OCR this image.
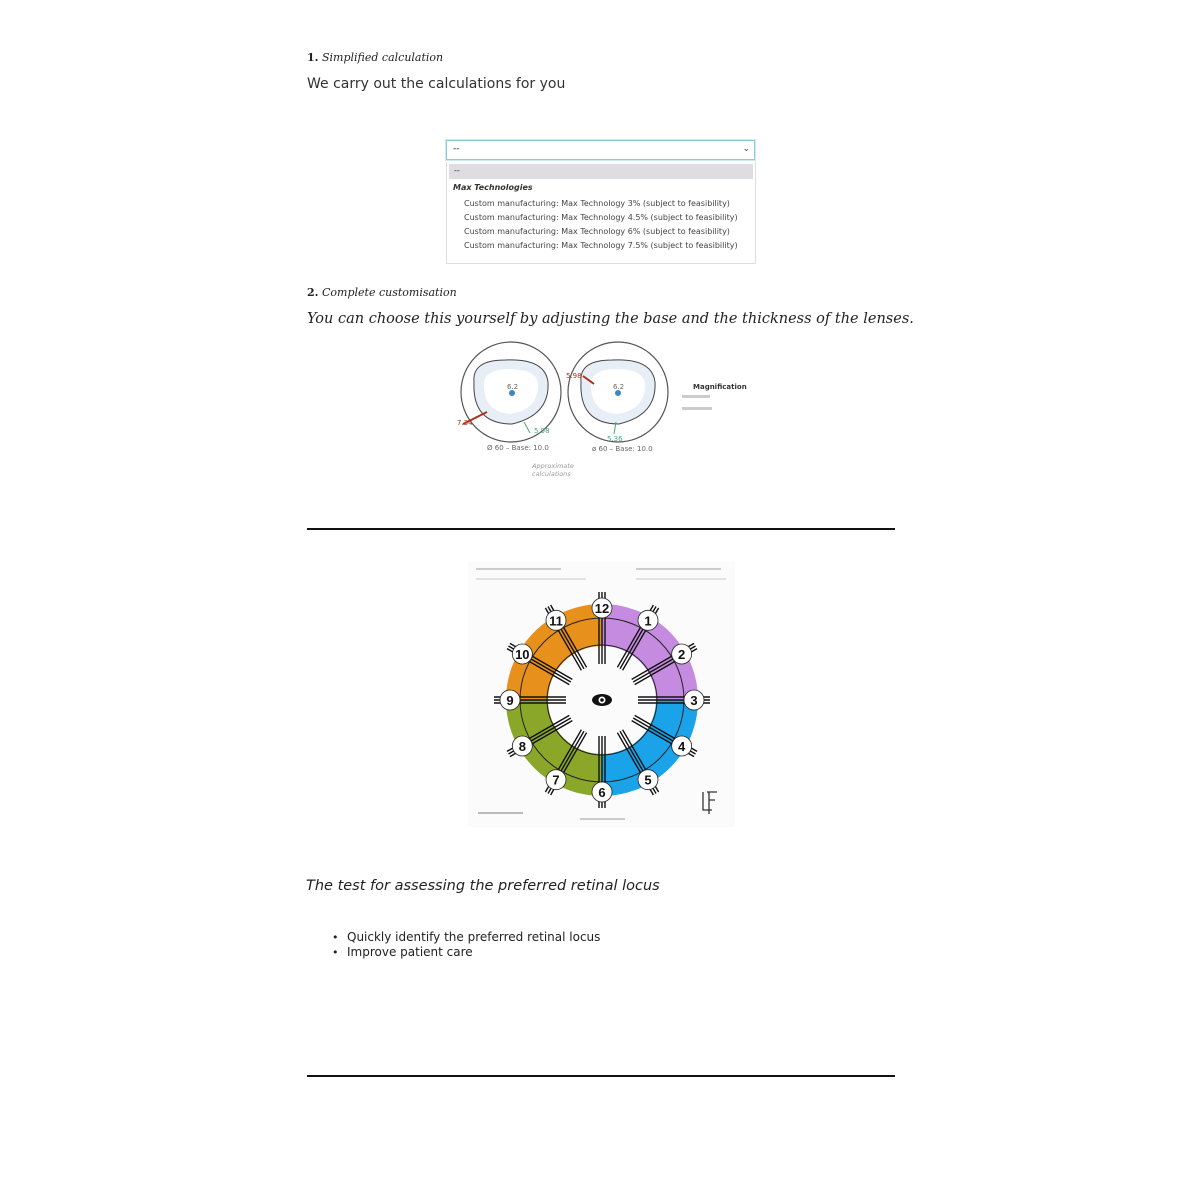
1. Simplified calculation
We carry out the calculations for you
--	⌄
--
Max Technologies
Custom manufacturing: Max Technology 3% (subject to feasibility)
Custom manufacturing: Max Technology 4.5% (subject to feasibility)
Custom manufacturing: Max Technology 6% (subject to feasibility)
Custom manufacturing: Max Technology 7.5% (subject to feasibility)
2. Complete customisation
You can choose this yourself by adjusting the base and the thickness of the lenses.
6.2
7.34
5.98
Ø 60 – Base: 10.0
6.2
5.98
5.36
ø 60 – Base: 10.0
Approximate
calculations
Magnification
12
1
2
3
4
5
6
7
8
9
10
11
The test for assessing the preferred retinal locus
• Quickly identify the preferred retinal locus
• Improve patient care
